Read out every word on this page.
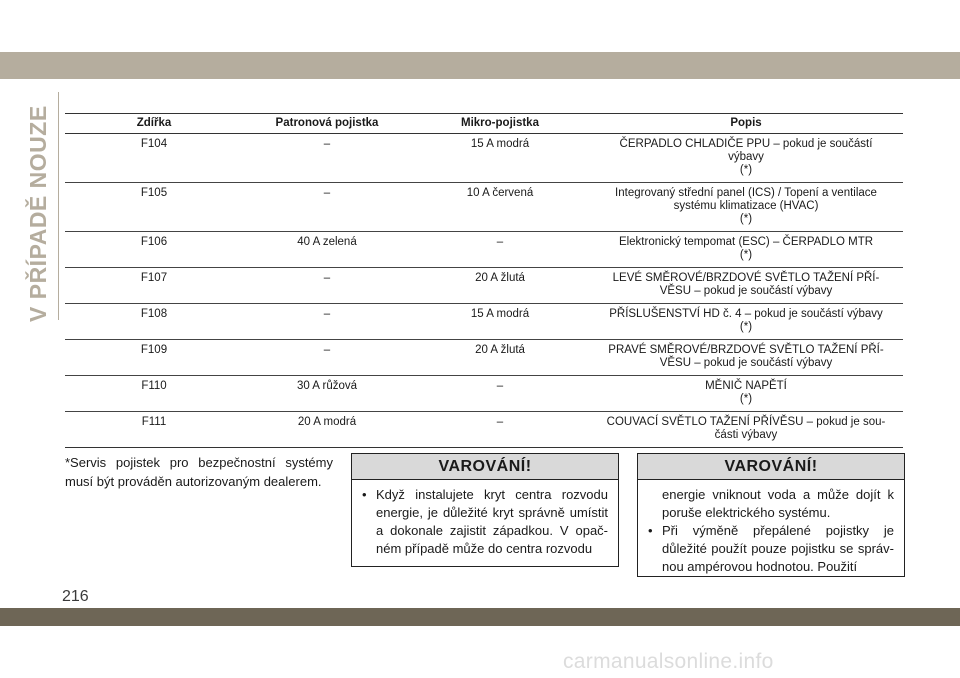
V PŘÍPADĚ NOUZE	Zdířka	Patronová pojistka	Mikro-pojistka	Popis
F104	–	15 A modrá	ČERPADLO CHLADIČE PPU – pokud je součástí
výbavy
(*)

F105	–	10 A červená	Integrovaný střední panel (ICS) / Topení a ventilace
systému klimatizace (HVAC)
(*)

F106	40 A zelená	–	Elektronický tempomat (ESC) – ČERPADLO MTR
(*)

F107	–	20 A žlutá	LEVÉ SMĚROVÉ/BRZDOVÉ SVĚTLO TAŽENÍ PŘÍ-
VĚSU – pokud je součástí výbavy

F108	–	15 A modrá	PŘÍSLUŠENSTVÍ HD č. 4 – pokud je součástí výbavy
(*)

F109	–	20 A žlutá	PRAVÉ SMĚROVÉ/BRZDOVÉ SVĚTLO TAŽENÍ PŘÍ-
VĚSU – pokud je součástí výbavy

F110	30 A růžová	–	MĚNIČ NAPĚTÍ
(*)

F111	20 A modrá	–	COUVACÍ SVĚTLO TAŽENÍ PŘÍVĚSU – pokud je sou-
části výbavy
*Servis pojistek pro bezpečnostní systémy musí být prováděn autorizovaným dealerem.
VAROVÁNÍ!
• Když instalujete kryt centra rozvodu energie, je důležité kryt správně umístit a dokonale zajistit západkou. V opač-ném případě může do centra rozvodu
VAROVÁNÍ!
energie vniknout voda a může dojít k poruše elektrického systému.
• Při výměně přepálené pojistky je důležité použít pouze pojistku se správ-nou ampérovou hodnotou. Použití
216
carmanualsonline.info
